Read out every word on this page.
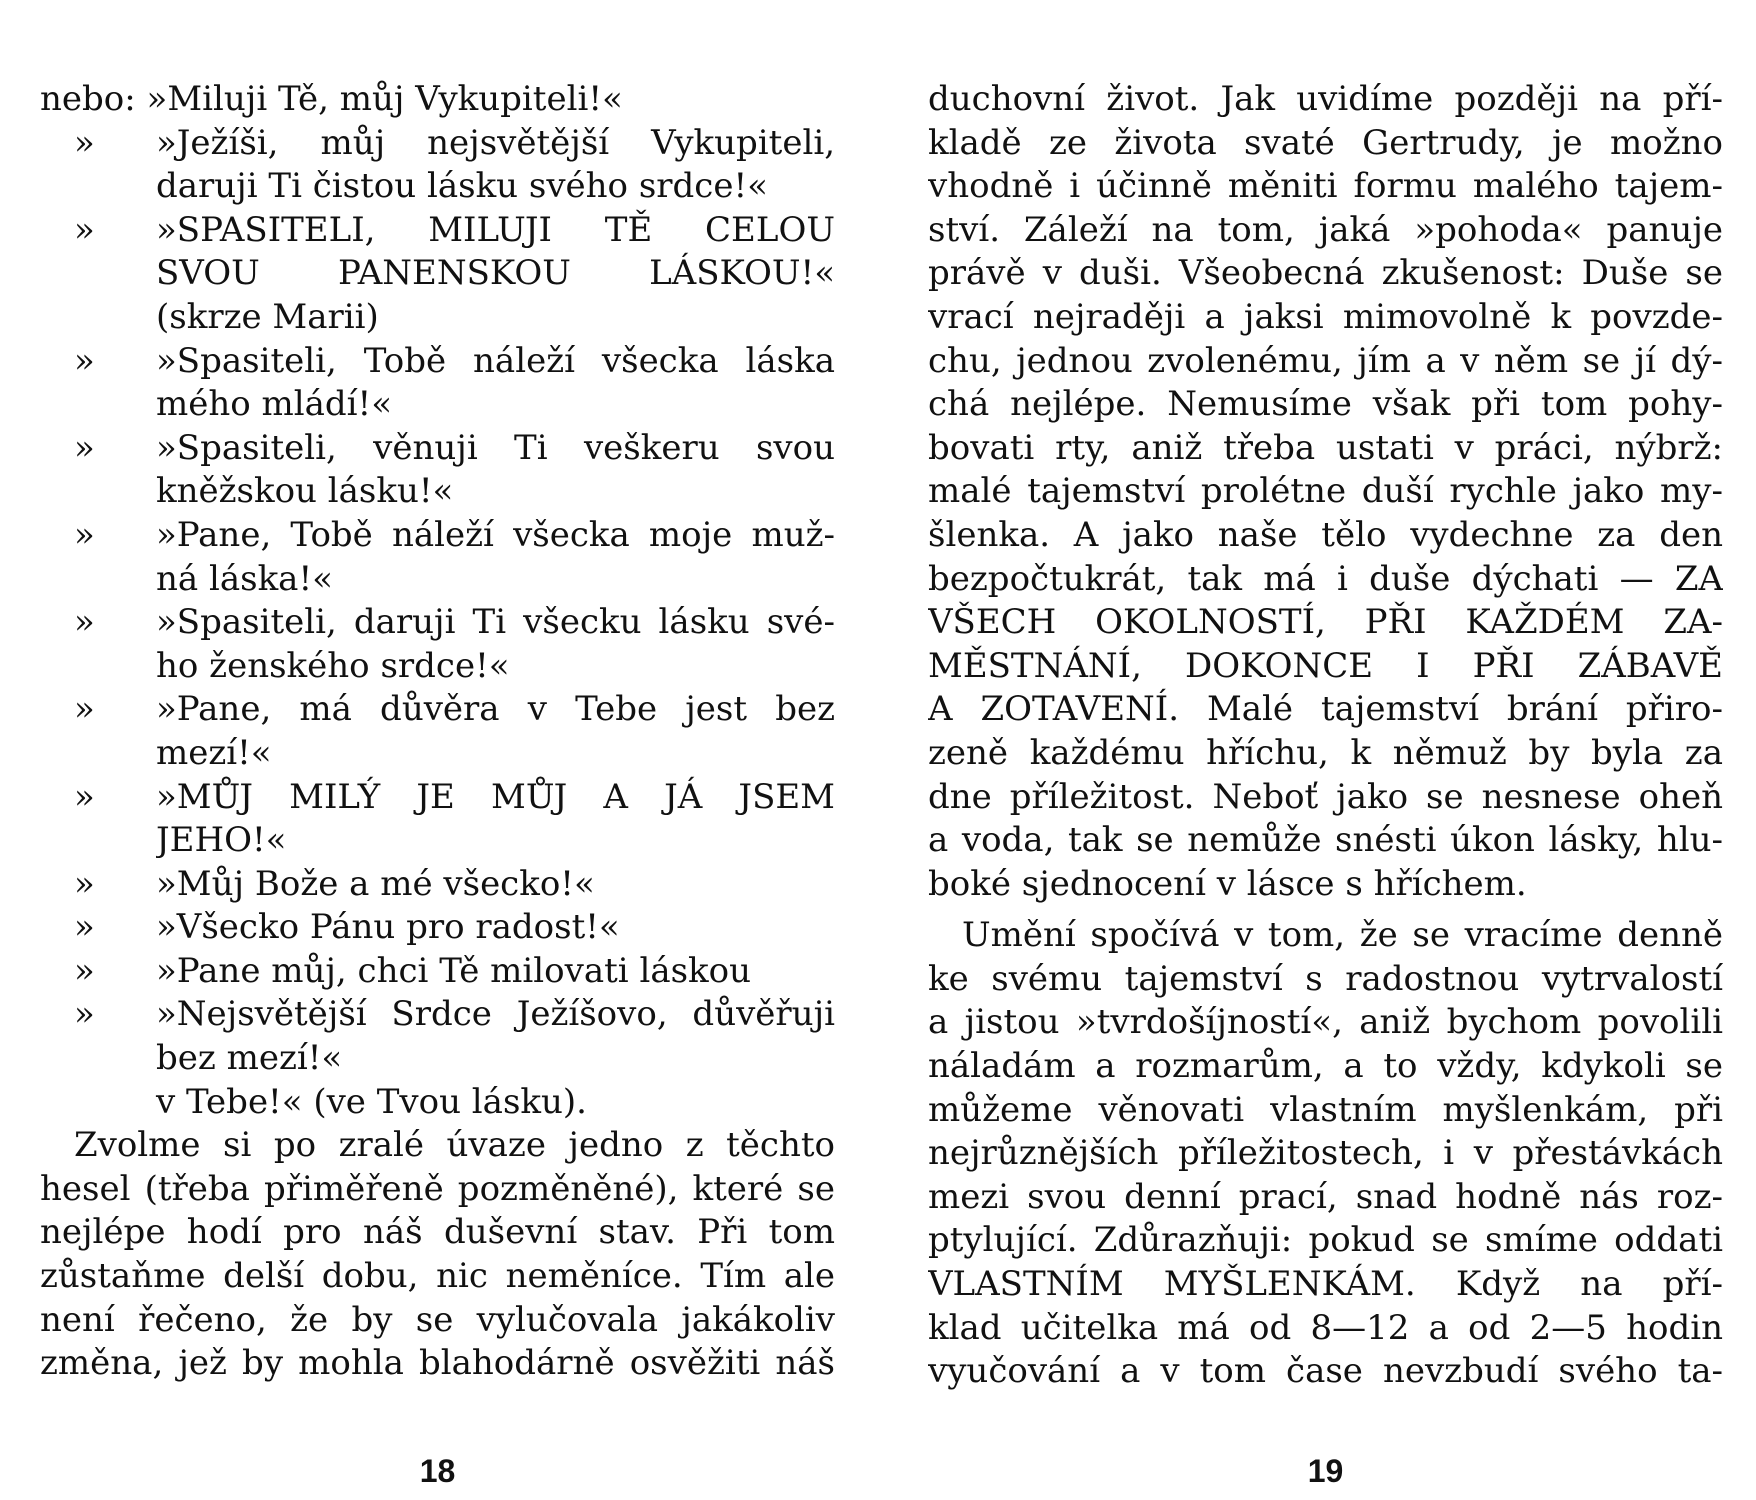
nebo: »Miluji Tě, můj Vykupiteli!«
»	»Ježíši, můj nejsvětější Vykupiteli,
daruji Ti čistou lásku svého srdce!«
»	»SPASITELI, MILUJI TĚ CELOU
SVOU PANENSKOU LÁSKOU!«
(skrze Marii)
»	»Spasiteli, Tobě náleží všecka láska
mého mládí!«
»	»Spasiteli, věnuji Ti veškeru svou
kněžskou lásku!«
»	»Pane, Tobě náleží všecka moje muž-
ná láska!«
»	»Spasiteli, daruji Ti všecku lásku své-
ho ženského srdce!«
»	»Pane, má důvěra v Tebe jest bez
mezí!«
»	»MŮJ MILÝ JE MŮJ A JÁ JSEM
JEHO!«
»	»Můj Bože a mé všecko!«
»	»Všecko Pánu pro radost!«
»	»Pane můj, chci Tě milovati láskou
»	»Nejsvětější Srdce Ježíšovo, důvěřuji
bez mezí!«
v Tebe!« (ve Tvou lásku).
Zvolme si po zralé úvaze jedno z těchto
hesel (třeba přiměřeně pozměněné), které se
nejlépe hodí pro náš duševní stav. Při tom
zůstaňme delší dobu, nic neměníce. Tím ale
není řečeno, že by se vylučovala jakákoliv
změna, jež by mohla blahodárně osvěžiti náš
18
duchovní život. Jak uvidíme později na pří-
kladě ze života svaté Gertrudy, je možno
vhodně i účinně měniti formu malého tajem-
ství. Záleží na tom, jaká »pohoda« panuje
právě v duši. Všeobecná zkušenost: Duše se
vrací nejraději a jaksi mimovolně k povzde-
chu, jednou zvolenému, jím a v něm se jí dý-
chá nejlépe. Nemusíme však při tom pohy-
bovati rty, aniž třeba ustati v práci, nýbrž:
malé tajemství prolétne duší rychle jako my-
šlenka. A jako naše tělo vydechne za den
bezpočtukrát, tak má i duše dýchati — ZA
VŠECH OKOLNOSTÍ, PŘI KAŽDÉM ZA-
MĚSTNÁNÍ, DOKONCE I PŘI ZÁBAVĚ
A ZOTAVENÍ. Malé tajemství brání přiro-
zeně každému hříchu, k němuž by byla za
dne příležitost. Neboť jako se nesnese oheň
a voda, tak se nemůže snésti úkon lásky, hlu-
boké sjednocení v lásce s hříchem.
Umění spočívá v tom, že se vracíme denně
ke svému tajemství s radostnou vytrvalostí
a jistou »tvrdošíjností«, aniž bychom povolili
náladám a rozmarům, a to vždy, kdykoli se
můžeme věnovati vlastním myšlenkám, při
nejrůznějších příležitostech, i v přestávkách
mezi svou denní prací, snad hodně nás roz-
ptylující. Zdůrazňuji: pokud se smíme oddati
VLASTNÍM MYŠLENKÁM. Když na pří-
klad učitelka má od 8—12 a od 2—5 hodin
vyučování a v tom čase nevzbudí svého ta-
19
